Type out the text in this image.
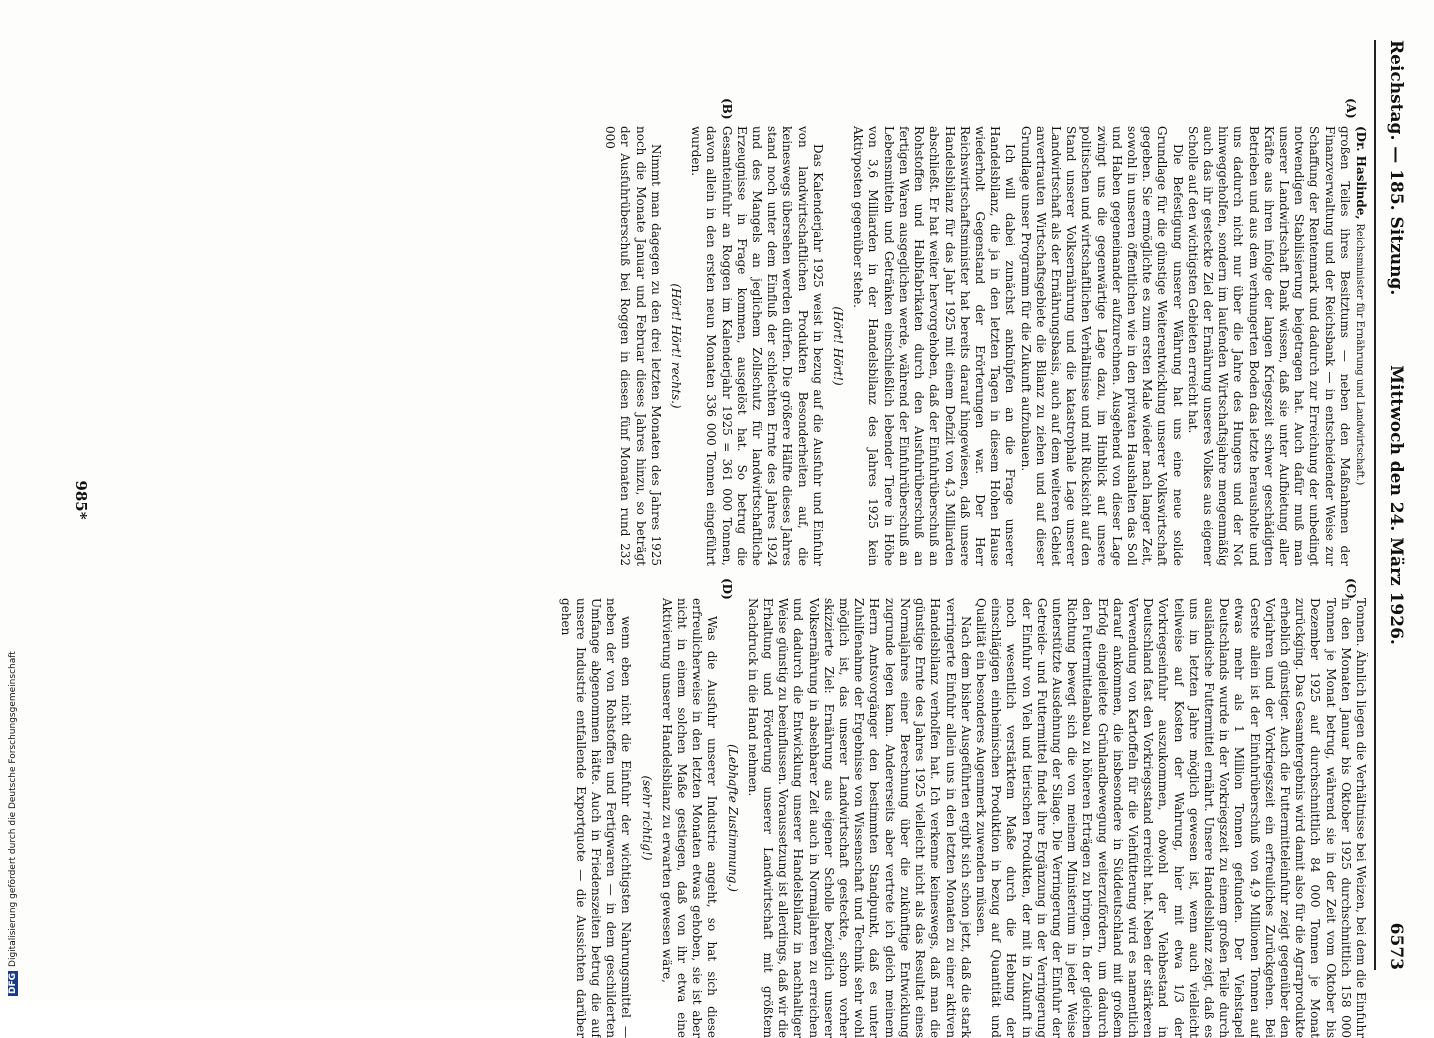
Reichstag. — 185. Sitzung.
Mittwoch den 24. März 1926.
6573
(A)
(B)
(C)
(D)

(Dr. Haslinde, Reichsminister für Ernährung und Landwirtschaft.)

großen Teiles ihres Besitztums — neben den Maßnahmen der Finanzverwaltung und der Reichsbank — in entscheidender Weise zur Schaffung der Rentenmark und dadurch zur Erreichung der unbedingt notwendigen Stabilisierung beigetragen hat. Auch dafür muß man unserer Landwirtschaft Dank wissen, daß sie unter Aufbietung aller Kräfte aus ihren infolge der langen Kriegszeit schwer geschädigten Betrieben und aus dem verhungerten Boden das letzte herausholte und uns dadurch nicht nur über die Jahre des Hungers und der Not hinweggeholfen, sondern im laufenden Wirtschaftsjahre mengenmäßig auch das ihr gesteckte Ziel der Ernährung unseres Volkes aus eigener Scholle auf den wichtigsten Gebieten erreicht hat.

Die Befestigung unserer Währung hat uns eine neue solide Grundlage für die günstige Weiterentwicklung unserer Volkswirtschaft gegeben. Sie ermöglichte es zum ersten Male wieder nach langer Zeit, sowohl in unseren öffentlichen wie in den privaten Haushalten das Soll und Haben gegeneinander aufzurechnen. Ausgehend von dieser Lage zwingt uns die gegenwärtige Lage dazu, im Hinblick auf unsere politischen und wirtschaftlichen Verhältnisse und mit Rücksicht auf den Stand unserer Volksernährung und die katastrophale Lage unserer Landwirtschaft als der Ernährungsbasis, auch auf dem weiteren Gebiet anvertrauten Wirtschaftsgebiete die Bilanz zu ziehen und auf dieser Grundlage unser Programm für die Zukunft aufzubauen.

Ich will dabei zunächst anknüpfen an die Frage unserer Handelsbilanz, die ja in den letzten Tagen in diesem Hohen Hause wiederholt Gegenstand der Erörterungen war. Der Herr Reichswirtschaftsminister hat bereits darauf hingewiesen, daß unsere Handelsbilanz für das Jahr 1925 mit einem Defizit von 4,3 Milliarden abschließt. Er hat weiter hervorgehoben, daß der Einfuhrüberschuß an Rohstoffen und Halbfabrikaten durch den Ausfuhrüberschuß an fertigen Waren ausgeglichen werde, während der Einfuhrüberschuß an Lebensmitteln und Getränken einschließlich lebender Tiere in Höhe von 3,6 Milliarden in der Handelsbilanz des Jahres 1925 kein Aktivposten gegenüber stehe.

(Hört! Hört!)

Das Kalenderjahr 1925 weist in bezug auf die Ausfuhr und Einfuhr von landwirtschaftlichen Produkten Besonderheiten auf, die keineswegs übersehen werden dürfen. Die größere Hälfte dieses Jahres stand noch unter dem Einfluß der schlechten Ernte des Jahres 1924 und des Mangels an jeglichem Zollschutz für landwirtschaftliche Erzeugnisse in Frage kommen, ausgelöst hat. So betrug die Gesamteinfuhr an Roggen im Kalenderjahr 1925 = 361 000 Tonnen, davon allein in den ersten neun Monaten 336 000 Tonnen eingeführt wurden.

(Hört! Hört! rechts.)

Nimmt man dagegen zu den drei letzten Monaten des Jahres 1925 noch die Monate Januar und Februar dieses Jahres hinzu, so beträgt der Ausfuhrüberschuß bei Roggen in diesen fünf Monaten rund 232 000

Tonnen. Ähnlich liegen die Verhältnisse bei Weizen, bei dem die Einfuhr in den Monaten Januar bis Oktober 1925 durchschnittlich 158 000 Tonnen je Monat betrug, während sie in der Zeit vom Oktober bis Dezember 1925 auf durchschnittlich 84 000 Tonnen je Monat zurückging. Das Gesamtergebnis wird damit also für die Agrarprodukte erheblich günstiger. Auch die Futtermitteleinfuhr zeigt gegenüber den Vorjahren und der Vorkriegszeit ein erfreuliches Zurückgehen. Bei Gerste allein ist der Einfuhrüberschuß von 4,9 Millionen Tonnen auf etwas mehr als 1 Million Tonnen gefunden. Der Viehstapel Deutschlands wurde in der Vorkriegszeit zu einem großen Teile durch ausländische Futtermittel ernährt. Unsere Handelsbilanz zeigt, daß es uns im letzten Jahre möglich gewesen ist, wenn auch vielleicht teilweise auf Kosten der Wahrung, hier mit etwa 1/3 der Vorkriegseinfuhr auszukommen, obwohl der Viehbestand in Deutschland fast den Vorkriegsstand erreicht hat. Neben der stärkeren Verwendung von Kartoffeln für die Viehfütterung wird es namentlich darauf ankommen, die insbesondere in Süddeutschland mit großem Erfolg eingeleitete Grünlandbewegung weiterzufördern, um dadurch den Futtermittelanbau zu höheren Erträgen zu bringen. In der gleichen Richtung bewegt sich die von meinem Ministerium in jeder Weise unterstützte Ausdehnung der Silage. Die Verringerung der Einfuhr der Getreide- und Futtermittel findet ihre Ergänzung in der Verringerung der Einfuhr von Vieh und tierischen Produkten, der mit in Zukunft in noch wesentlich verstärktem Maße durch die Hebung der einschlägigen einheimischen Produktion in bezug auf Quantität und Qualität ein besonderes Augenmerk zuwenden müssen.

Nach dem bisher Ausgeführten ergibt sich schon jetzt, daß die stark verringerte Einfuhr allein uns in den letzten Monaten zu einer aktiven Handelsbilanz verholfen hat. Ich verkenne keineswegs, daß man die günstige Ernte des Jahres 1925 vielleicht nicht als das Resultat eines Normaljahres einer Berechnung über die zukünftige Entwicklung zugrunde legen kann. Andererseits aber vertrete ich gleich meinem Herrn Amtsvorgänger den bestimmten Standpunkt, daß es unter Zuhilfenahme der Ergebnisse von Wissenschaft und Technik sehr wohl möglich ist, das unserer Landwirtschaft gesteckte, schon vorher skizzierte Ziel: Ernährung aus eigener Scholle bezüglich unserer Volksernährung in absehbarer Zeit auch in Normaljahren zu erreichen und dadurch die Entwicklung unserer Handelsbilanz in nachhaltiger Weise günstig zu beeinflussen. Voraussetzung ist allerdings, daß wir die Erhaltung und Förderung unserer Landwirtschaft mit größtem Nachdruck in die Hand nehmen.

(Lebhafte Zustimmung.)

Was die Ausfuhr unserer Industrie angeht, so hat sich diese erfreulicherweise in den letzten Monaten etwas gehoben, sie ist aber nicht in einem solchen Maße gestiegen, daß von ihr etwa eine Aktivierung unserer Handelsbilanz zu erwarten gewesen wäre,

(sehr richtig!)

wenn eben nicht die Einfuhr der wichtigsten Nahrungsmittel — neben der von Rohstoffen und Fertigwaren — in dem geschilderten Umfange abgenommen hätte. Auch in Friedenszeiten betrug die auf unsere Industrie entfallende Exportquote — die Aussichten darüber gehen

985*
DFGDigitalisierung gefördert durch die Deutsche Forschungsgemeinschaft
